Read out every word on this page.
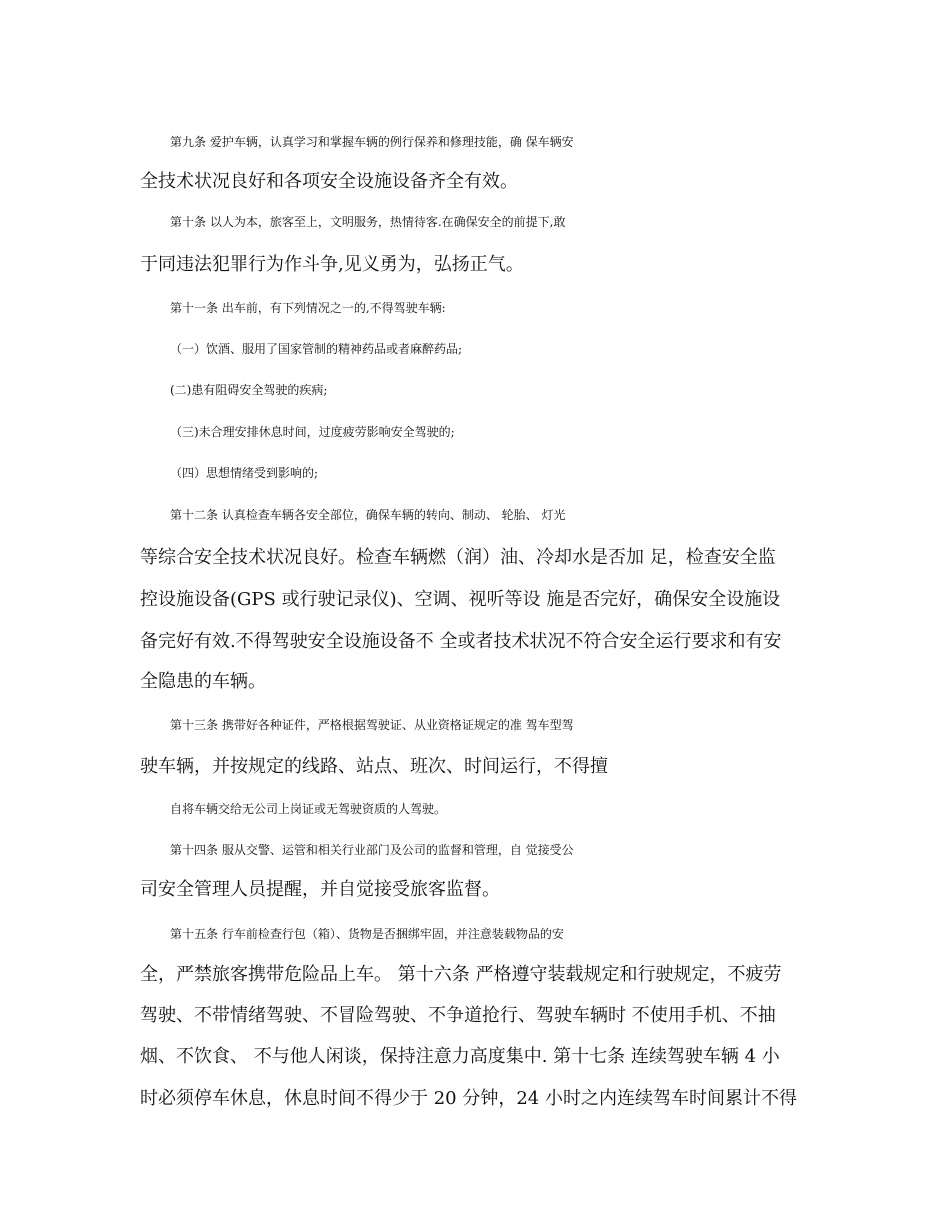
第九条 爱护车辆，认真学习和掌握车辆的例行保养和修理技能，确 保车辆安
全技术状况良好和各项安全设施设备齐全有效。
第十条 以人为本，旅客至上，文明服务，热情待客.在确保安全的前提下,敢
于同违法犯罪行为作斗争,见义勇为，弘扬正气。
第十一条 出车前，有下列情况之一的,不得驾驶车辆:
（一）饮酒、服用了国家管制的精神药品或者麻醉药品;
(二)患有阻碍安全驾驶的疾病;
（三)未合理安排休息时间，过度疲劳影响安全驾驶的;
（四）思想情绪受到影响的;
第十二条 认真检查车辆各安全部位，确保车辆的转向、制动、 轮胎、 灯光
等综合安全技术状况良好。检查车辆燃（润）油、冷却水是否加 足，检查安全监
控设施设备(GPS 或行驶记录仪)、空调、视听等设 施是否完好，确保安全设施设
备完好有效.不得驾驶安全设施设备不 全或者技术状况不符合安全运行要求和有安
全隐患的车辆。
第十三条 携带好各种证件，严格根据驾驶证、从业资格证规定的准 驾车型驾
驶车辆，并按规定的线路、站点、班次、时间运行，不得擅
自将车辆交给无公司上岗证或无驾驶资质的人驾驶。
第十四条 服从交警、运管和相关行业部门及公司的监督和管理，自 觉接受公
司安全管理人员提醒，并自觉接受旅客监督。
第十五条 行车前检查行包（箱）、货物是否捆绑牢固，并注意装载物品的安
全，严禁旅客携带危险品上车。 第十六条 严格遵守装载规定和行驶规定，不疲劳
驾驶、不带情绪驾驶、不冒险驾驶、不争道抢行、驾驶车辆时 不使用手机、不抽
烟、不饮食、 不与他人闲谈，保持注意力高度集中. 第十七条 连续驾驶车辆 4 小
时必须停车休息，休息时间不得少于 20 分钟，24 小时之内连续驾车时间累计不得
